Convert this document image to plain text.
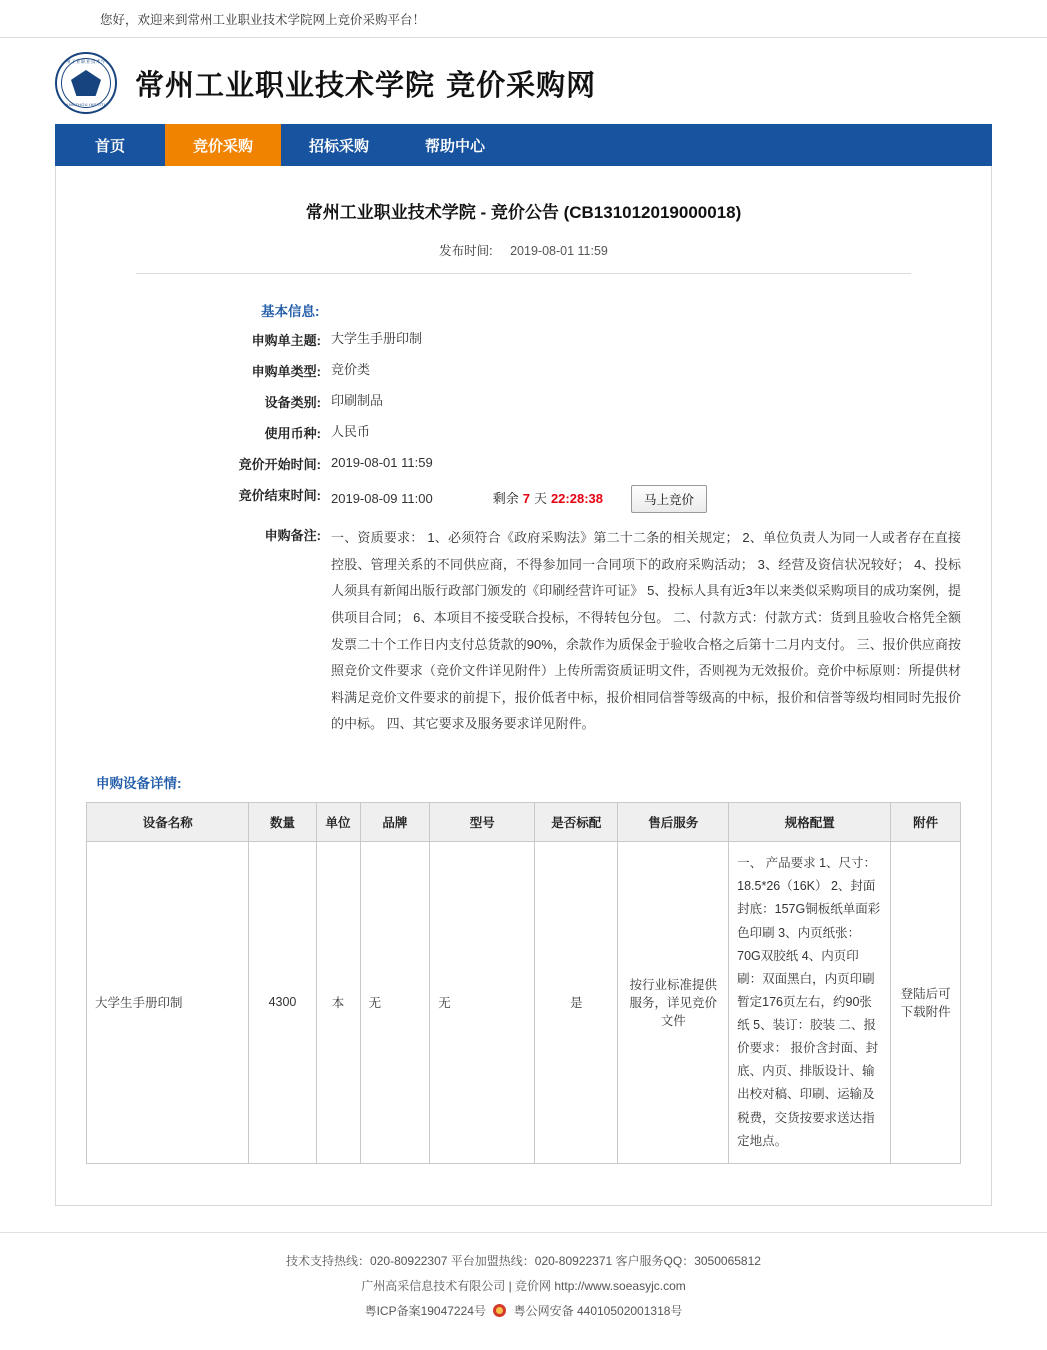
您好，欢迎来到常州工业职业技术学院网上竞价采购平台！
常州工业职业技术学院
CHANGZHOU INSTITUTE
常州工业职业技术学院 竞价采购网
首页	竞价采购	招标采购	帮助中心
常州工业职业技术学院 - 竞价公告 (CB131012019000018)
发布时间: 2019-08-01 11:59
基本信息:
申购单主题: 大学生手册印制
申购单类型: 竞价类
设备类别: 印刷制品
使用币种: 人民币
竞价开始时间: 2019-08-01 11:59
竞价结束时间: 2019-08-09 11:00	剩余 7 天 22:28:38	马上竞价
申购备注: 一、资质要求： 1、必须符合《政府采购法》第二十二条的相关规定； 2、单位负责人为同一人或者存在直接控股、管理关系的不同供应商，不得参加同一合同项下的政府采购活动； 3、经营及资信状况较好； 4、投标人须具有新闻出版行政部门颁发的《印刷经营许可证》 5、投标人具有近3年以来类似采购项目的成功案例，提供项目合同； 6、本项目不接受联合投标，不得转包分包。 二、付款方式：付款方式：货到且验收合格凭全额发票二十个工作日内支付总货款的90%，余款作为质保金于验收合格之后第十二月内支付。 三、报价供应商按照竞价文件要求（竞价文件详见附件）上传所需资质证明文件，否则视为无效报价。竞价中标原则：所提供材料满足竞价文件要求的前提下，报价低者中标，报价相同信誉等级高的中标，报价和信誉等级均相同时先报价的中标。 四、其它要求及服务要求详见附件。
申购设备详情:
设备名称	数量	单位	品牌	型号	是否标配	售后服务	规格配置	附件
大学生手册印制	4300	本	无	无	是	按行业标准提供服务，详见竞价文件	一、 产品要求 1、尺寸：18.5*26（16K） 2、封面封底：157G铜板纸单面彩色印刷 3、内页纸张：70G双胶纸 4、内页印刷：双面黑白，内页印刷暂定176页左右，约90张纸 5、装订：胶装 二、报价要求： 报价含封面、封底、内页、排版设计、输出校对稿、印刷、运输及税费，交货按要求送达指定地点。	登陆后可下载附件
技术支持热线：020-80922307 平台加盟热线：020-80922371 客户服务QQ：3050065812
广州高采信息技术有限公司 | 竞价网 http://www.soeasyjc.com
粤ICP备案19047224号 粤公网安备 44010502001318号
